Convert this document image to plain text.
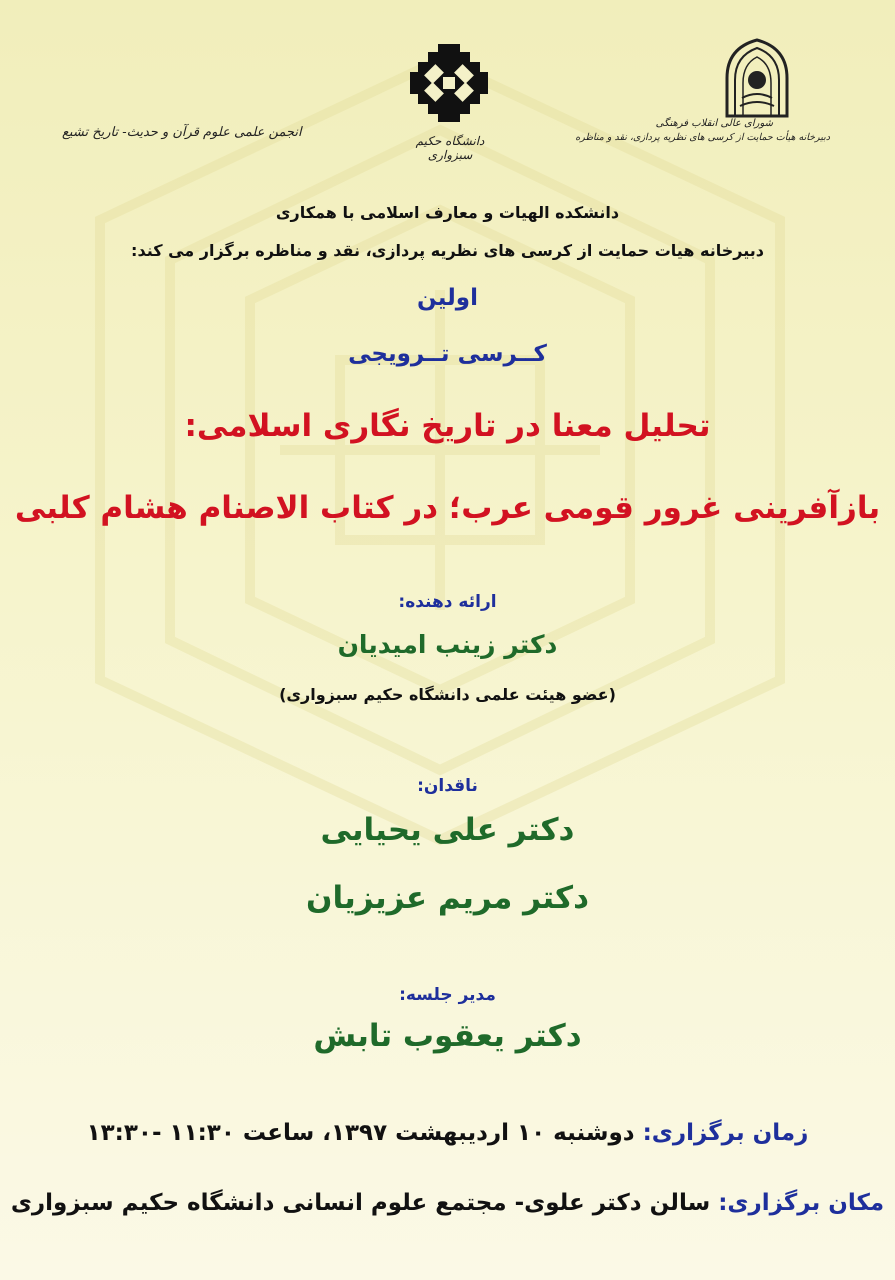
انجمن علمی علوم قرآن و حدیث- تاریخ تشیع
دانشگاه حکیم سبزواری
شورای عالی انقلاب فرهنگی
دبیرخانه هیأت حمایت از کرسی های نظریه پردازی، نقد و مناظره
دانشکده الهیات و معارف اسلامی با همکاری
دبیرخانه هیات حمایت از کرسی های نظریه پردازی، نقد و مناظره برگزار می کند:
اولین
کــرسی تــرویجی
تحلیل معنا در تاریخ نگاری اسلامی:
بازآفرینی غرور قومی عرب؛ در کتاب الاصنام هشام کلبی
ارائه دهنده:
دکتر زینب امیدیان
(عضو هیئت علمی دانشگاه حکیم سبزواری)
ناقدان:
دکتر علی یحیایی
دکتر مریم عزیزیان
مدیر جلسه:
دکتر یعقوب تابش
زمان برگزاری: دوشنبه ۱۰ اردیبهشت ۱۳۹۷، ساعت ۱۱:۳۰ -۱۳:۳۰
مکان برگزاری: سالن دکتر علوی- مجتمع علوم انسانی دانشگاه حکیم سبزواری
